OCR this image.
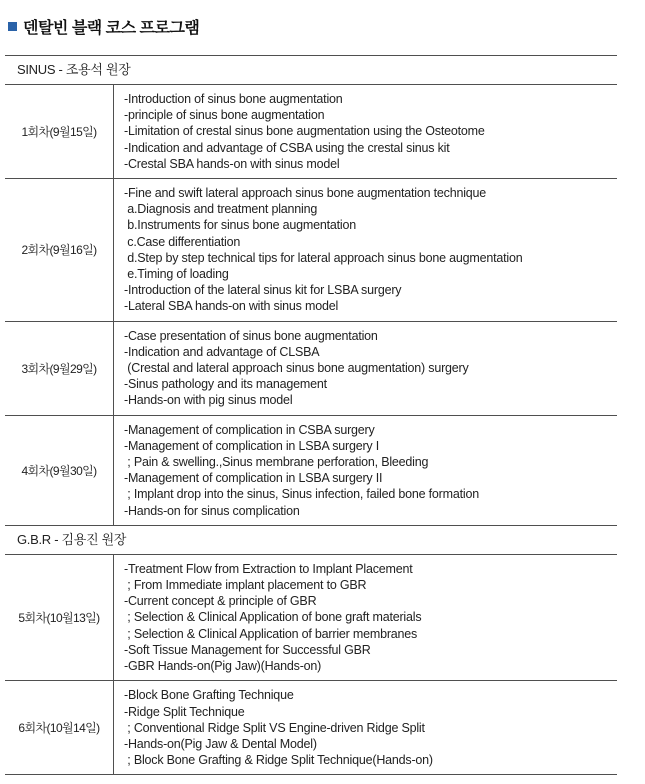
덴탈빈 블랙 코스 프로그램
SINUS - 조용석 원장
1회차(9월15일)
-Introduction of sinus bone augmentation
-principle of sinus bone augmentation
-Limitation of crestal sinus bone augmentation using the Osteotome
-Indication and advantage of CSBA using the crestal sinus kit
-Crestal SBA hands-on with sinus model
2회차(9월16일)
-Fine and swift lateral approach sinus bone augmentation technique
a.Diagnosis and treatment planning
b.Instruments for sinus bone augmentation
c.Case differentiation
d.Step by step technical tips for lateral approach sinus bone augmentation
e.Timing of loading
-Introduction of the lateral sinus kit for LSBA surgery
-Lateral SBA hands-on with sinus model
3회차(9월29일)
-Case presentation of sinus bone augmentation
-Indication and advantage of CLSBA
(Crestal and lateral approach sinus bone augmentation) surgery
-Sinus pathology and its management
-Hands-on with pig sinus model
4회차(9월30일)
-Management of complication in CSBA surgery
-Management of complication in LSBA surgery I
; Pain & swelling.,Sinus membrane perforation, Bleeding
-Management of complication in LSBA surgery II
; Implant drop into the sinus, Sinus infection, failed bone formation
-Hands-on for sinus complication
G.B.R - 김용진 원장
5회차(10월13일)
-Treatment Flow from Extraction to Implant Placement
; From Immediate implant placement to GBR
-Current concept & principle of GBR
; Selection & Clinical Application of bone graft materials
; Selection & Clinical Application of barrier membranes
-Soft Tissue Management for Successful GBR
-GBR Hands-on(Pig Jaw)(Hands-on)
6회차(10월14일)
-Block Bone Grafting Technique
-Ridge Split Technique
; Conventional Ridge Split VS Engine-driven Ridge Split
-Hands-on(Pig Jaw & Dental Model)
; Block Bone Grafting & Ridge Split Technique(Hands-on)
